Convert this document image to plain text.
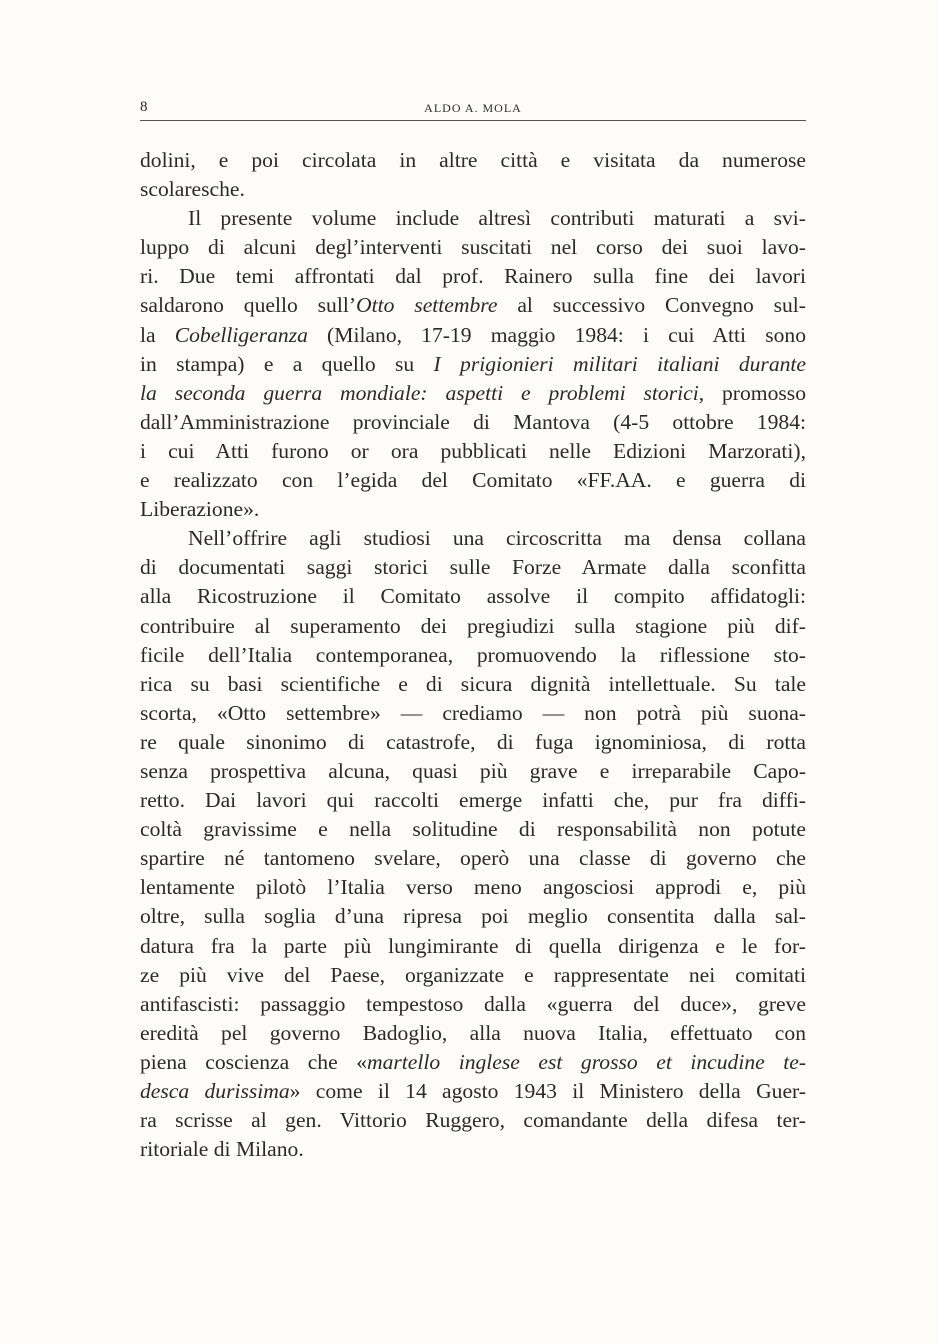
8	ALDO A. MOLA
dolini, e poi circolata in altre città e visitata da numerose
scolaresche.
Il presente volume include altresì contributi maturati a svi-
luppo di alcuni degl’interventi suscitati nel corso dei suoi lavo-
ri. Due temi affrontati dal prof. Rainero sulla fine dei lavori
saldarono quello sull’Otto settembre al successivo Convegno sul-
la Cobelligeranza (Milano, 17-19 maggio 1984: i cui Atti sono
in stampa) e a quello su I prigionieri militari italiani durante
la seconda guerra mondiale: aspetti e problemi storici, promosso
dall’Amministrazione provinciale di Mantova (4-5 ottobre 1984:
i cui Atti furono or ora pubblicati nelle Edizioni Marzorati),
e realizzato con l’egida del Comitato «FF.AA. e guerra di
Liberazione».
Nell’offrire agli studiosi una circoscritta ma densa collana
di documentati saggi storici sulle Forze Armate dalla sconfitta
alla Ricostruzione il Comitato assolve il compito affidatogli:
contribuire al superamento dei pregiudizi sulla stagione più dif-
ficile dell’Italia contemporanea, promuovendo la riflessione sto-
rica su basi scientifiche e di sicura dignità intellettuale. Su tale
scorta, «Otto settembre» — crediamo — non potrà più suona-
re quale sinonimo di catastrofe, di fuga ignominiosa, di rotta
senza prospettiva alcuna, quasi più grave e irreparabile Capo-
retto. Dai lavori qui raccolti emerge infatti che, pur fra diffi-
coltà gravissime e nella solitudine di responsabilità non potute
spartire né tantomeno svelare, operò una classe di governo che
lentamente pilotò l’Italia verso meno angosciosi approdi e, più
oltre, sulla soglia d’una ripresa poi meglio consentita dalla sal-
datura fra la parte più lungimirante di quella dirigenza e le for-
ze più vive del Paese, organizzate e rappresentate nei comitati
antifascisti: passaggio tempestoso dalla «guerra del duce», greve
eredità pel governo Badoglio, alla nuova Italia, effettuato con
piena coscienza che «martello inglese est grosso et incudine te-
desca durissima» come il 14 agosto 1943 il Ministero della Guer-
ra scrisse al gen. Vittorio Ruggero, comandante della difesa ter-
ritoriale di Milano.
